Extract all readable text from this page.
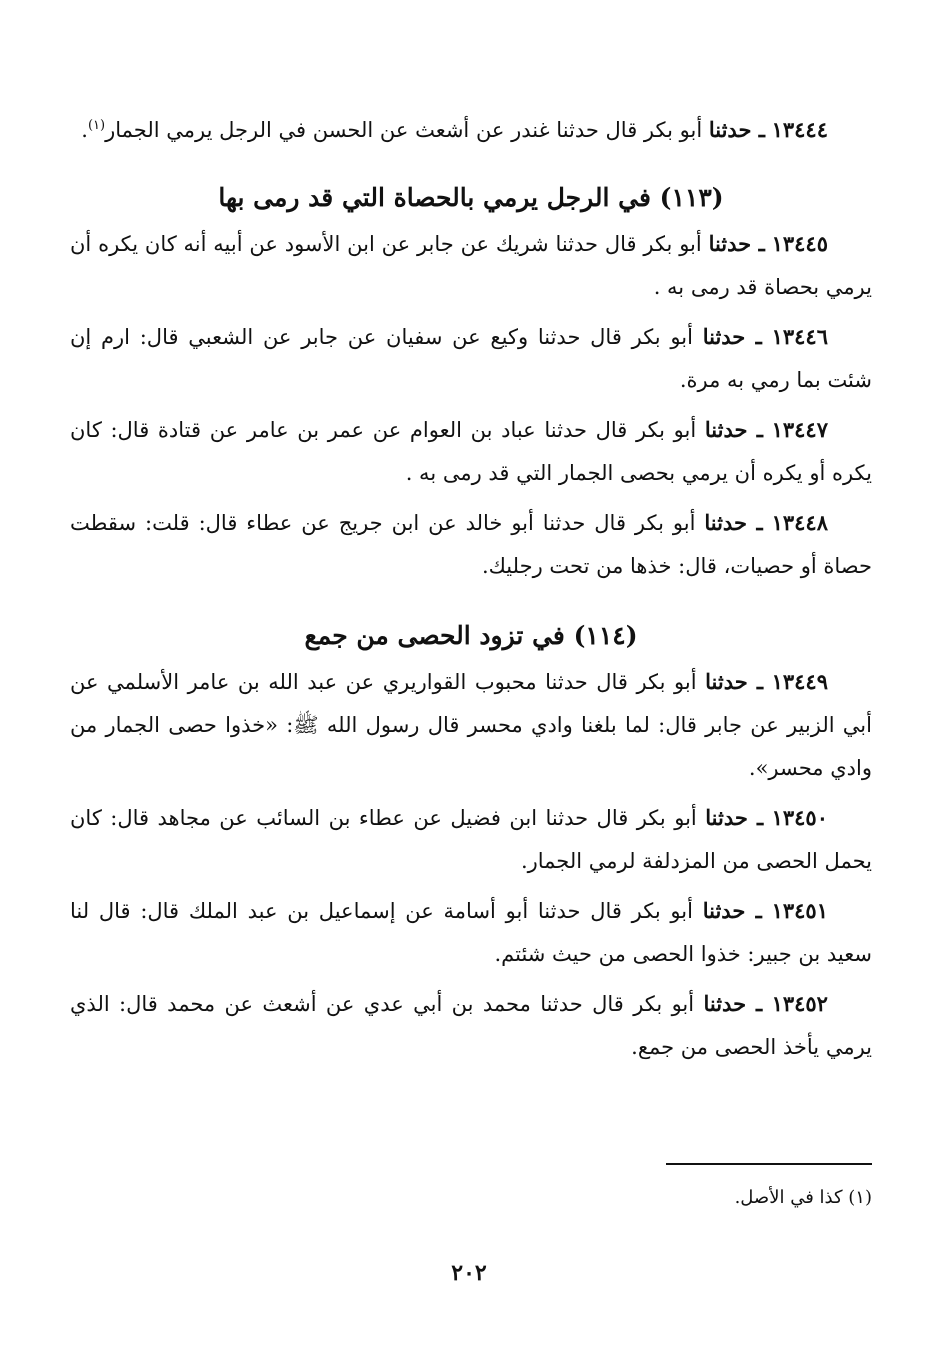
١٣٤٤٤ ـ حدثنا أبو بكر قال حدثنا غندر عن أشعث عن الحسن في الرجل يرمي الجمار$^{(١)}$.

(١١٣) في الرجل يرمي بالحصاة التي قد رمى بها

١٣٤٤٥ ـ حدثنا أبو بكر قال حدثنا شريك عن جابر عن ابن الأسود عن أبيه أنه كان يكره أن يرمي بحصاة قد رمى به .

١٣٤٤٦ ـ حدثنا أبو بكر قال حدثنا وكيع عن سفيان عن جابر عن الشعبي قال: ارم إن شئت بما رمي به مرة.

١٣٤٤٧ ـ حدثنا أبو بكر قال حدثنا عباد بن العوام عن عمر بن عامر عن قتادة قال: كان يكره أو يكره أن يرمي بحصى الجمار التي قد رمى به .

١٣٤٤٨ ـ حدثنا أبو بكر قال حدثنا أبو خالد عن ابن جريج عن عطاء قال: قلت: سقطت حصاة أو حصيات، قال: خذها من تحت رجليك.

(١١٤) في تزود الحصى من جمع

١٣٤٤٩ ـ حدثنا أبو بكر قال حدثنا محبوب القواريري عن عبد الله بن عامر الأسلمي عن أبي الزبير عن جابر قال: لما بلغنا وادي محسر قال رسول الله ﷺ: «خذوا حصى الجمار من وادي محسر».

١٣٤٥٠ ـ حدثنا أبو بكر قال حدثنا ابن فضيل عن عطاء بن السائب عن مجاهد قال: كان يحمل الحصى من المزدلفة لرمي الجمار.

١٣٤٥١ ـ حدثنا أبو بكر قال حدثنا أبو أسامة عن إسماعيل بن عبد الملك قال: قال لنا سعيد بن جبير: خذوا الحصى من حيث شئتم.

١٣٤٥٢ ـ حدثنا أبو بكر قال حدثنا محمد بن أبي عدي عن أشعث عن محمد قال: الذي يرمي يأخذ الحصى من جمع.

(١) كذا في الأصل.
٢٠٢
